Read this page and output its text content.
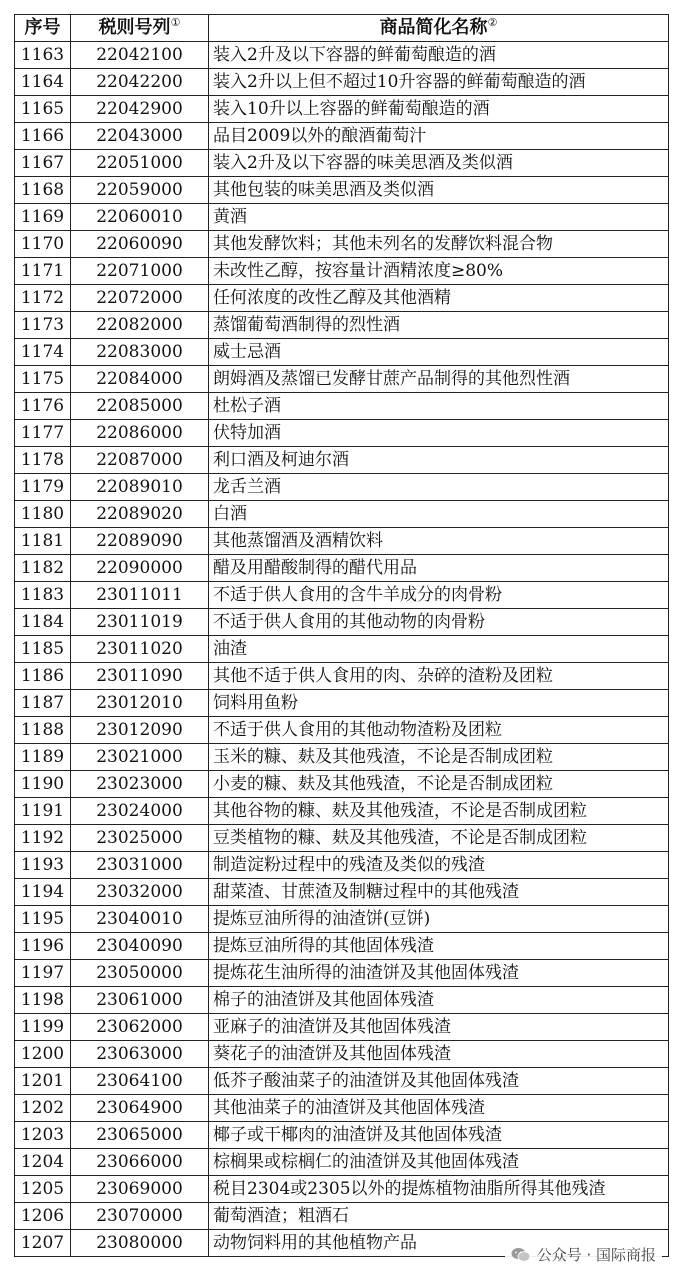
序号	税则号列①	商品简化名称②
1163	22042100	装入2升及以下容器的鲜葡萄酿造的酒
1164	22042200	装入2升以上但不超过10升容器的鲜葡萄酿造的酒
1165	22042900	装入10升以上容器的鲜葡萄酿造的酒
1166	22043000	品目2009以外的酿酒葡萄汁
1167	22051000	装入2升及以下容器的味美思酒及类似酒
1168	22059000	其他包装的味美思酒及类似酒
1169	22060010	黄酒
1170	22060090	其他发酵饮料；其他未列名的发酵饮料混合物
1171	22071000	未改性乙醇，按容量计酒精浓度≥80%
1172	22072000	任何浓度的改性乙醇及其他酒精
1173	22082000	蒸馏葡萄酒制得的烈性酒
1174	22083000	威士忌酒
1175	22084000	朗姆酒及蒸馏已发酵甘蔗产品制得的其他烈性酒
1176	22085000	杜松子酒
1177	22086000	伏特加酒
1178	22087000	利口酒及柯迪尔酒
1179	22089010	龙舌兰酒
1180	22089020	白酒
1181	22089090	其他蒸馏酒及酒精饮料
1182	22090000	醋及用醋酸制得的醋代用品
1183	23011011	不适于供人食用的含牛羊成分的肉骨粉
1184	23011019	不适于供人食用的其他动物的肉骨粉
1185	23011020	油渣
1186	23011090	其他不适于供人食用的肉、杂碎的渣粉及团粒
1187	23012010	饲料用鱼粉
1188	23012090	不适于供人食用的其他动物渣粉及团粒
1189	23021000	玉米的糠、麸及其他残渣，不论是否制成团粒
1190	23023000	小麦的糠、麸及其他残渣，不论是否制成团粒
1191	23024000	其他谷物的糠、麸及其他残渣，不论是否制成团粒
1192	23025000	豆类植物的糠、麸及其他残渣，不论是否制成团粒
1193	23031000	制造淀粉过程中的残渣及类似的残渣
1194	23032000	甜菜渣、甘蔗渣及制糖过程中的其他残渣
1195	23040010	提炼豆油所得的油渣饼(豆饼)
1196	23040090	提炼豆油所得的其他固体残渣
1197	23050000	提炼花生油所得的油渣饼及其他固体残渣
1198	23061000	棉子的油渣饼及其他固体残渣
1199	23062000	亚麻子的油渣饼及其他固体残渣
1200	23063000	葵花子的油渣饼及其他固体残渣
1201	23064100	低芥子酸油菜子的油渣饼及其他固体残渣
1202	23064900	其他油菜子的油渣饼及其他固体残渣
1203	23065000	椰子或干椰肉的油渣饼及其他固体残渣
1204	23066000	棕榈果或棕榈仁的油渣饼及其他固体残渣
1205	23069000	税目2304或2305以外的提炼植物油脂所得其他残渣
1206	23070000	葡萄酒渣；粗酒石
1207	23080000	动物饲料用的其他植物产品
公众号 · 国际商报
